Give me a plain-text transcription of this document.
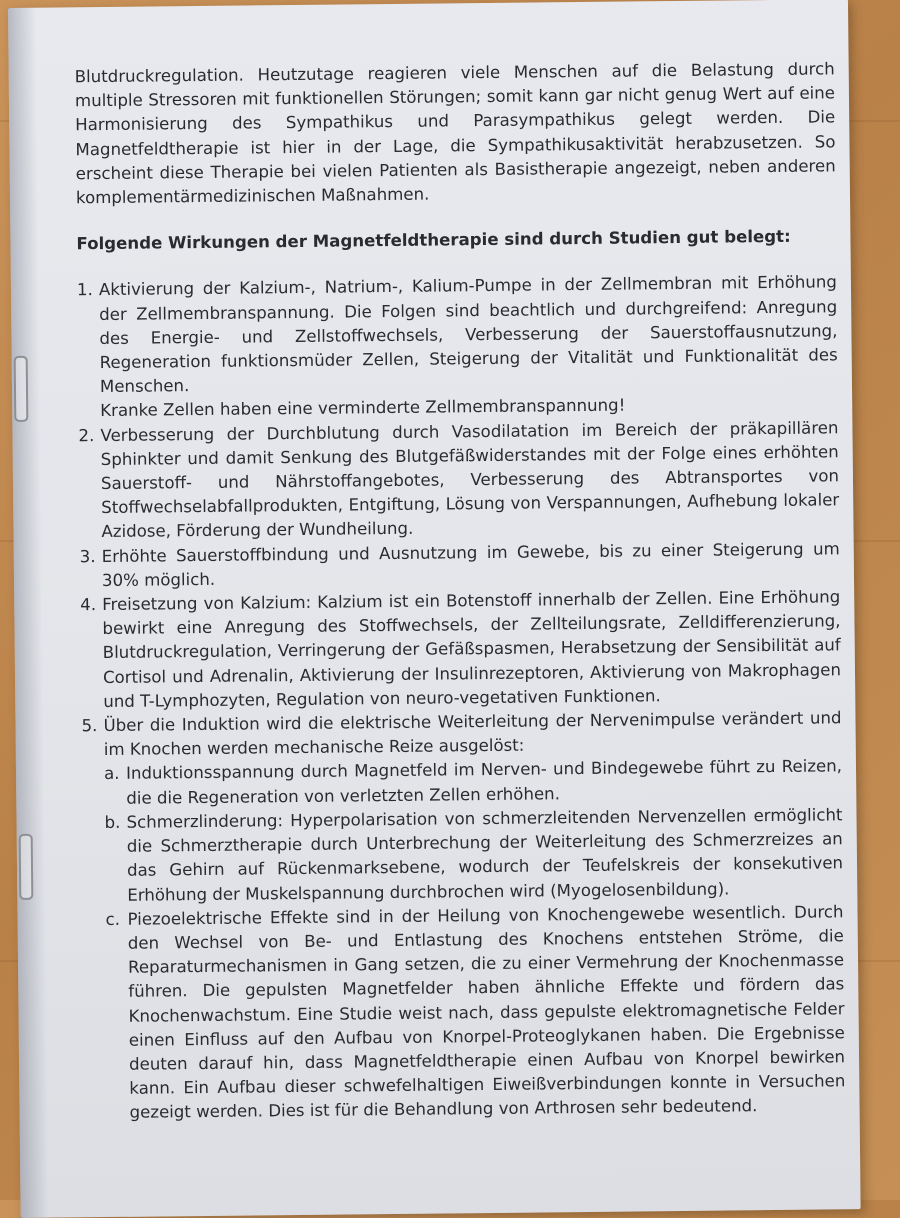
Blutdruckregulation. Heutzutage reagieren viele Menschen auf die Belastung durch multiple Stressoren mit funktionellen Störungen; somit kann gar nicht genug Wert auf eine Harmonisierung des Sympathikus und Parasympathikus gelegt werden. Die Magnetfeldtherapie ist hier in der Lage, die Sympathikusaktivität herabzusetzen. So erscheint diese Therapie bei vielen Patienten als Basistherapie angezeigt, neben anderen komplementärmedizinischen Maßnahmen.

Folgende Wirkungen der Magnetfeldtherapie sind durch Studien gut belegt:

1. Aktivierung der Kalzium-, Natrium-, Kalium-Pumpe in der Zellmembran mit Erhöhung der Zellmembranspannung. Die Folgen sind beachtlich und durchgreifend: Anregung des Energie- und Zellstoffwechsels, Verbesserung der Sauerstoffausnutzung, Regeneration funktionsmüder Zellen, Steigerung der Vitalität und Funktionalität des Menschen.
Kranke Zellen haben eine verminderte Zellmembranspannung!
2. Verbesserung der Durchblutung durch Vasodilatation im Bereich der präkapillären Sphinkter und damit Senkung des Blutgefäßwiderstandes mit der Folge eines erhöhten Sauerstoff- und Nährstoffangebotes, Verbesserung des Abtransportes von Stoffwechselabfallprodukten, Entgiftung, Lösung von Verspannungen, Aufhebung lokaler Azidose, Förderung der Wundheilung.
3. Erhöhte Sauerstoffbindung und Ausnutzung im Gewebe, bis zu einer Steigerung um 30% möglich.
4. Freisetzung von Kalzium: Kalzium ist ein Botenstoff innerhalb der Zellen. Eine Erhöhung bewirkt eine Anregung des Stoffwechsels, der Zellteilungsrate, Zelldifferenzierung, Blutdruckregulation, Verringerung der Gefäßspasmen, Herabsetzung der Sensibilität auf Cortisol und Adrenalin, Aktivierung der Insulinrezeptoren, Aktivierung von Makrophagen und T-Lymphozyten, Regulation von neuro-vegetativen Funktionen.
5. Über die Induktion wird die elektrische Weiterleitung der Nervenimpulse verändert und im Knochen werden mechanische Reize ausgelöst:
a. Induktionsspannung durch Magnetfeld im Nerven- und Bindegewebe führt zu Reizen, die die Regeneration von verletzten Zellen erhöhen.
b. Schmerzlinderung: Hyperpolarisation von schmerzleitenden Nervenzellen ermöglicht die Schmerztherapie durch Unterbrechung der Weiterleitung des Schmerzreizes an das Gehirn auf Rückenmarksebene, wodurch der Teufelskreis der konsekutiven Erhöhung der Muskelspannung durchbrochen wird (Myogelosenbildung).
c. Piezoelektrische Effekte sind in der Heilung von Knochengewebe wesentlich. Durch den Wechsel von Be- und Entlastung des Knochens entstehen Ströme, die Reparaturmechanismen in Gang setzen, die zu einer Vermehrung der Knochenmasse führen. Die gepulsten Magnetfelder haben ähnliche Effekte und fördern das Knochenwachstum. Eine Studie weist nach, dass gepulste elektromagnetische Felder einen Einfluss auf den Aufbau von Knorpel-Proteoglykanen haben. Die Ergebnisse deuten darauf hin, dass Magnetfeldtherapie einen Aufbau von Knorpel bewirken kann. Ein Aufbau dieser schwefelhaltigen Eiweißverbindungen konnte in Versuchen gezeigt werden. Dies ist für die Behandlung von Arthrosen sehr bedeutend.
